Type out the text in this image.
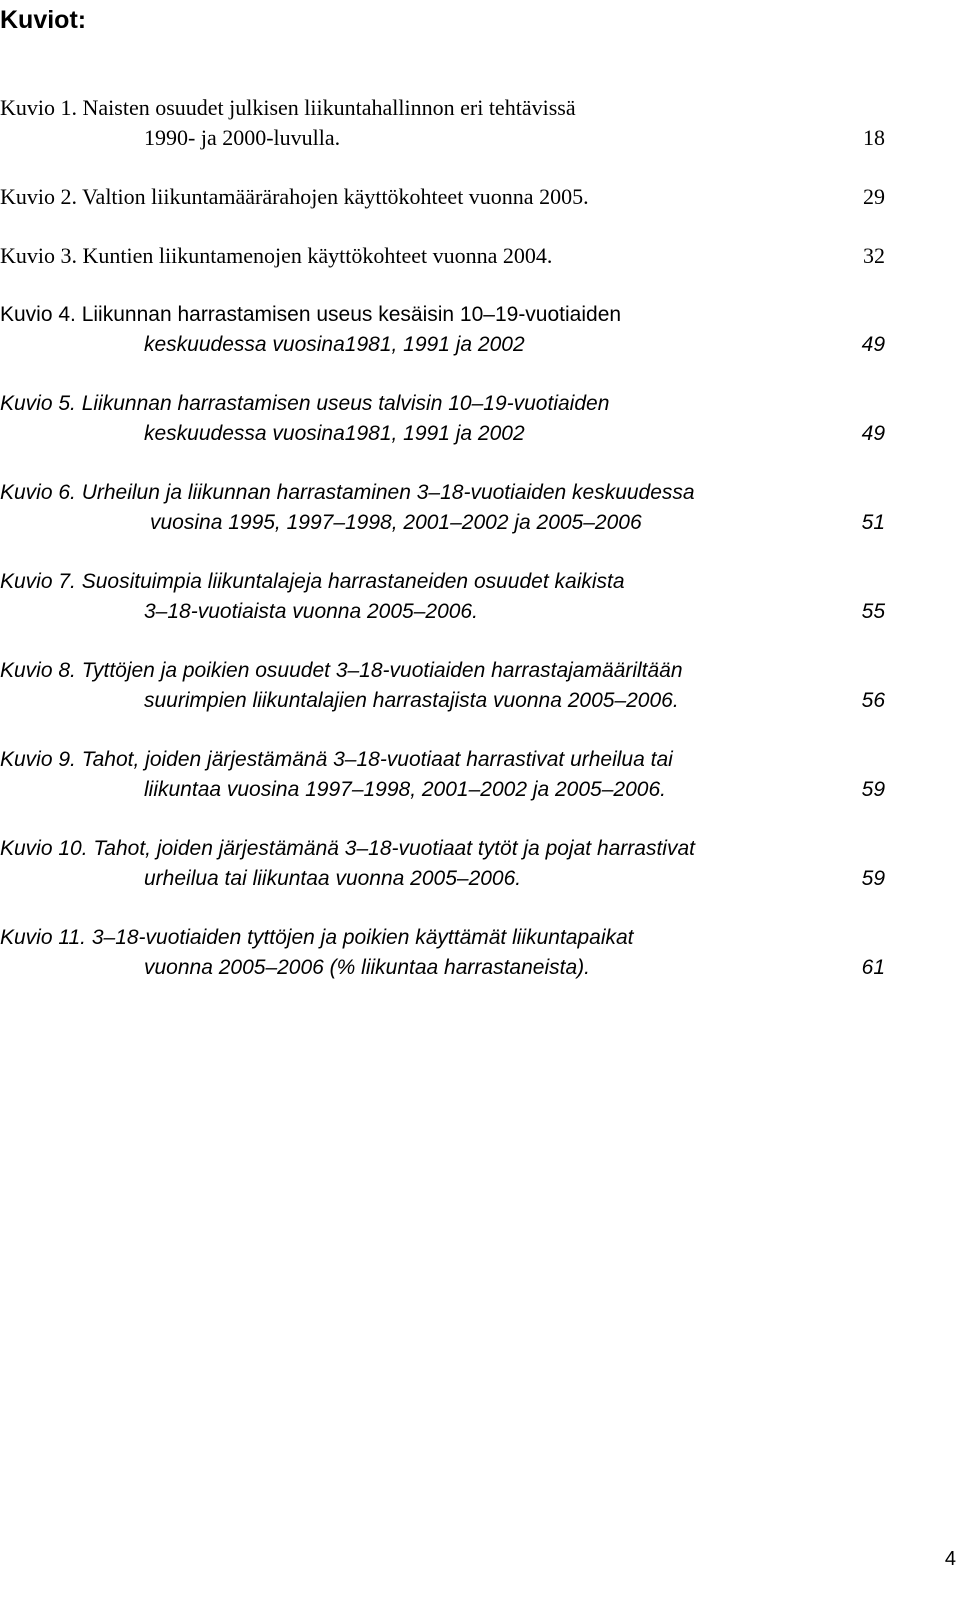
Kuviot:
Kuvio 1. Naisten osuudet julkisen liikuntahallinnon eri tehtävissä
1990- ja 2000-luvulla.	18
Kuvio 2. Valtion liikuntamäärärahojen käyttökohteet vuonna 2005.	29
Kuvio 3. Kuntien liikuntamenojen käyttökohteet vuonna 2004.	32
Kuvio 4. Liikunnan harrastamisen useus kesäisin 10–19-vuotiaiden
keskuudessa vuosina1981, 1991 ja 2002	49
Kuvio 5. Liikunnan harrastamisen useus talvisin 10–19-vuotiaiden
keskuudessa vuosina1981, 1991 ja 2002	49
Kuvio 6. Urheilun ja liikunnan harrastaminen 3–18-vuotiaiden keskuudessa
vuosina 1995, 1997–1998, 2001–2002 ja 2005–2006	51
Kuvio 7. Suosituimpia liikuntalajeja harrastaneiden osuudet kaikista
3–18-vuotiaista vuonna 2005–2006.	55
Kuvio 8. Tyttöjen ja poikien osuudet 3–18-vuotiaiden harrastajamääriltään
suurimpien liikuntalajien harrastajista vuonna 2005–2006.	56
Kuvio 9. Tahot, joiden järjestämänä 3–18-vuotiaat harrastivat urheilua tai
liikuntaa vuosina 1997–1998, 2001–2002 ja 2005–2006.	59
Kuvio 10. Tahot, joiden järjestämänä 3–18-vuotiaat tytöt ja pojat harrastivat
urheilua tai liikuntaa vuonna 2005–2006.	59
Kuvio 11. 3–18-vuotiaiden tyttöjen ja poikien käyttämät liikuntapaikat
vuonna 2005–2006 (% liikuntaa harrastaneista).	61
4
